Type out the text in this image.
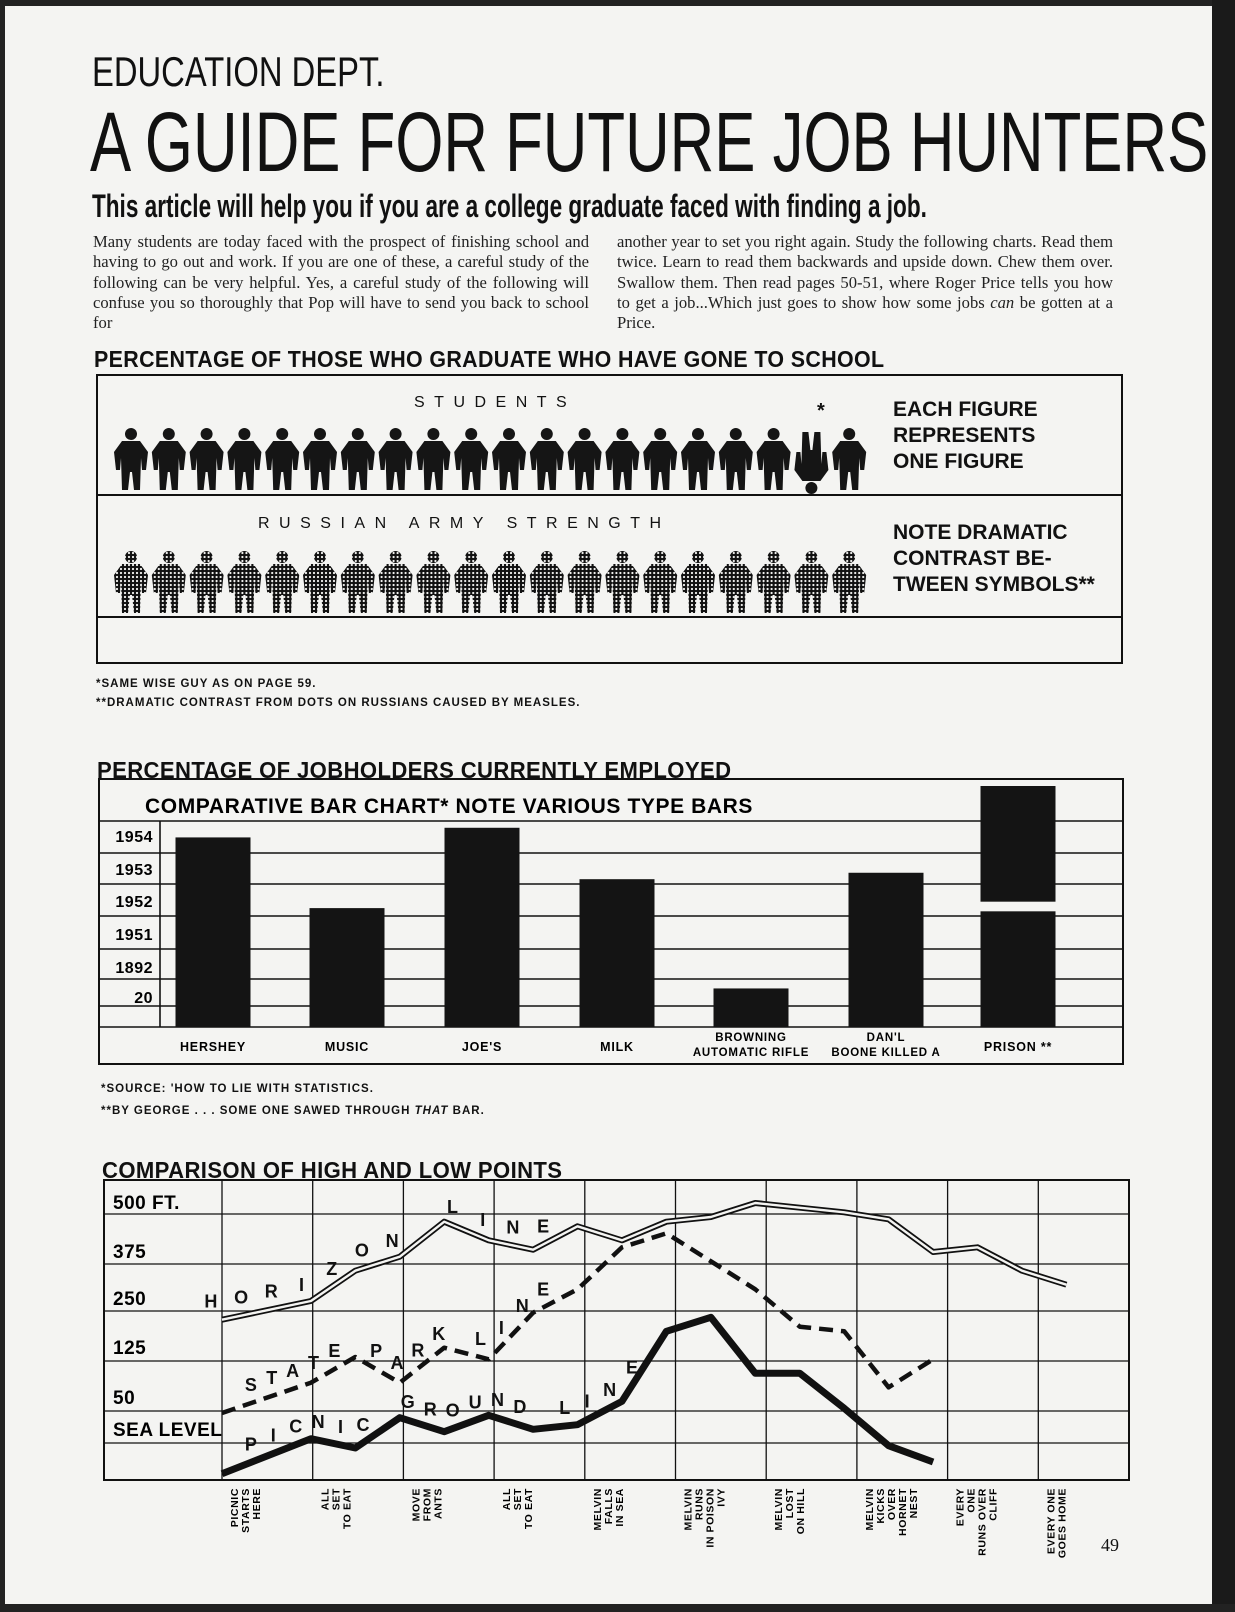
EDUCATION DEPT.
A GUIDE FOR FUTURE JOB HUNTERS
This article will help you if you are a college graduate faced with finding a job.
Many students are today faced with the prospect of finishing school and having to go out and work. If you are one of these, a careful study of the following can be very helpful. Yes, a careful study of the following will confuse you so thoroughly that Pop will have to send you back to school for
another year to set you right again. Study the following charts. Read them twice. Learn to read them backwards and upside down. Chew them over. Swallow them. Then read pages 50-51, where Roger Price tells you how to get a job...Which just goes to show how some jobs can be gotten at a Price.
PERCENTAGE OF THOSE WHO GRADUATE WHO HAVE GONE TO SCHOOL
STUDENTS	*
RUSSIAN ARMY STRENGTH
EACH FIGURE
REPRESENTS
ONE FIGURE
NOTE DRAMATIC
CONTRAST BE-
TWEEN SYMBOLS**
*SAME WISE GUY AS ON PAGE 59.
**DRAMATIC CONTRAST FROM DOTS ON RUSSIANS CAUSED BY MEASLES.
PERCENTAGE OF JOBHOLDERS CURRENTLY EMPLOYED
COMPARATIVE BAR CHART* NOTE VARIOUS TYPE BARS
1954
1953
1952
1951
1892
20
HERSHEY	MUSIC	JOE'S	MILK
BROWNING
AUTOMATIC RIFLE
DAN'L
BOONE KILLED A	PRISON **
*SOURCE: 'HOW TO LIE WITH STATISTICS.
**BY GEORGE . . . SOME ONE SAWED THROUGH THAT BAR.
COMPARISON OF HIGH AND LOW POINTS
500 FT.
375
250
125
50
SEA LEVEL
H O R I
Z
O N
L
I N E
S T A T
E P
A
R
K L
I
N
E
P I C N I C
G R O U N D L I
N
E
PICNIC STARTS HERE	ALL SET TO EAT	MOVE FROM ANTS	ALL SET TO EAT	MELVIN FALLS IN SEA	MELVIN RUNS IN POISON IVY	MELVIN LOST ON HILL	MELVIN KICKS OVER HORNET NEST	EVERY ONE RUNS OVER CLIFF	EVERY ONE GOES HOME 49
